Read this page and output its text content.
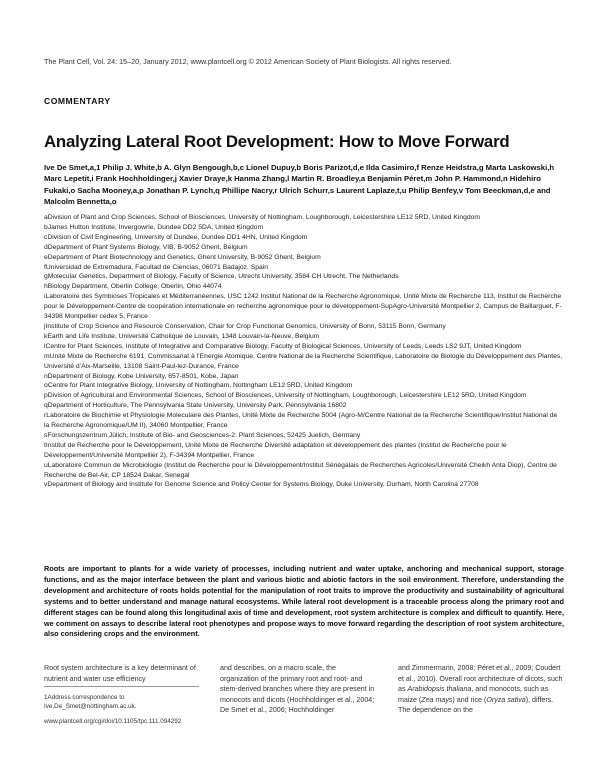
The Plant Cell, Vol. 24: 15–20, January 2012, www.plantcell.org © 2012 American Society of Plant Biologists. All rights reserved.
COMMENTARY
Analyzing Lateral Root Development: How to Move Forward
Ive De Smet,a,1 Philip J. White,b A. Glyn Bengough,b,c Lionel Dupuy,b Boris Parizot,d,e Ilda Casimiro,f Renze Heidstra,g Marta Laskowski,h Marc Lepetit,i Frank Hochholdinger,j Xavier Draye,k Hanma Zhang,l Martin R. Broadley,a Benjamin Péret,m John P. Hammond,n Hidehiro Fukaki,o Sacha Mooney,a,p Jonathan P. Lynch,q Phillipe Nacry,r Ulrich Schurr,s Laurent Laplaze,t,u Philip Benfey,v Tom Beeckman,d,e and Malcolm Bennetta,o

aDivision of Plant and Crop Sciences, School of Biosciences, University of Nottingham, Loughborough, Leicestershire LE12 5RD, United Kingdom

bJames Hutton Institute, Invergowrie, Dundee DD2 5DA, United Kingdom

cDivision of Civil Engineering, University of Dundee, Dundee DD1 4HN, United Kingdom

dDepartment of Plant Systems Biology, VIB, B-9052 Ghent, Belgium

eDepartment of Plant Biotechnology and Genetics, Ghent University, B-9052 Ghent, Belgium

fUniversidad de Extremadura, Facultad de Ciencias, 06071 Badajoz, Spain

gMolecular Genetics, Department of Biology, Faculty of Science, Utrecht University, 3584 CH Utrecht, The Netherlands

hBiology Department, Oberlin College, Oberlin, Ohio 44074

iLaboratoire des Symbioses Tropicales et Méditerranéennes, USC 1242 Institut National de la Recherche Agronomique, Unité Mixte de Recherche 113, Institut de Recherche pour le Développement-Centre de coopération internationale en recherche agronomique pour le développement-SupAgro-Université Montpellier 2, Campus de Baillarguet, F-34398 Montpellier cedex 5, France

jInstitute of Crop Science and Resource Conservation, Chair for Crop Functional Genomics, University of Bonn, 53115 Bonn, Germany

kEarth and Life Institute, Université Catholique de Louvain, 1348 Louvain-la-Neuve, Belgium

lCentre for Plant Sciences, Institute of Integrative and Comparative Biology, Faculty of Biological Sciences, University of Leeds, Leeds LS2 9JT, United Kingdom

mUnité Mixte de Recherche 6191, Commissariat à l’Energie Atomique, Centre National de la Recherche Scientifique, Laboratoire de Biologie du Développement des Plantes, Université d’Aix-Marseille, 13108 Saint-Paul-lez-Durance, France

nDepartment of Biology, Kobe University, 657-8501, Kobe, Japan

oCentre for Plant Integrative Biology, University of Nottingham, Nottingham LE12 5RD, United Kingdom

pDivision of Agricultural and Environmental Sciences, School of Biosciences, University of Nottingham, Loughborough, Leicestershire LE12 5RD, United Kingdom

qDepartment of Horticulture, The Pennsylvania State University, University Park, Pennsylvania 16802

rLaboratoire de Biochimie et Physiologie Moleculaire des Plantes, Unité Mixte de Recherche 5004 (Agro-M/Centre National de la Recherche Scientifique/Institut National de la Recherche Agronomique/UM II), 34060 Montpellier, France

sForschungszentrum Jülich, Institute of Bio- and Geosciences-2: Plant Sciences, 52425 Juelich, Germany

tInstitut de Recherche pour le Développement, Unité Mixte de Recherche Diversité adaptation et développement des plantes (Institut de Recherche pour le Développement/Université Montpellier 2), F-34394 Montpellier, France

uLaboratoire Commun de Microbiologie (Institut de Recherche pour le Développement/Institut Sénégalais de Recherches Agricoles/Université Cheikh Anta Diop), Centre de Recherche de Bel-Air, CP 18524 Dakar, Senegal

vDepartment of Biology and Institute for Genome Science and Policy Center for Systems Biology, Duke University, Durham, North Carolina 27708

Roots are important to plants for a wide variety of processes, including nutrient and water uptake, anchoring and mechanical support, storage functions, and as the major interface between the plant and various biotic and abiotic factors in the soil environment. Therefore, understanding the development and architecture of roots holds potential for the manipulation of root traits to improve the productivity and sustainability of agricultural systems and to better understand and manage natural ecosystems. While lateral root development is a traceable process along the primary root and different stages can be found along this longitudinal axis of time and development, root system architecture is complex and difficult to quantify. Here, we comment on assays to describe lateral root phenotypes and propose ways to move forward regarding the description of root system architecture, also considering crops and the environment.

Root system architecture is a key determinant of nutrient and water use efficiency

1Address correspondence to Ive.De_Smet@nottingham.ac.uk.
www.plantcell.org/cgi/doi/10.1105/tpc.111.094292

and describes, on a macro scale, the organization of the primary root and root- and stem-derived branches where they are present in monocots and dicots (Hochholdinger et al., 2004; De Smet et al., 2006; Hochholdinger

and Zimmermann, 2008; Péret et al., 2009; Coudert et al., 2010). Overall root architecture of dicots, such as Arabidopsis thaliana, and monocots, such as maize (Zea mays) and rice (Oryza sativa), differs. The dependence on the
